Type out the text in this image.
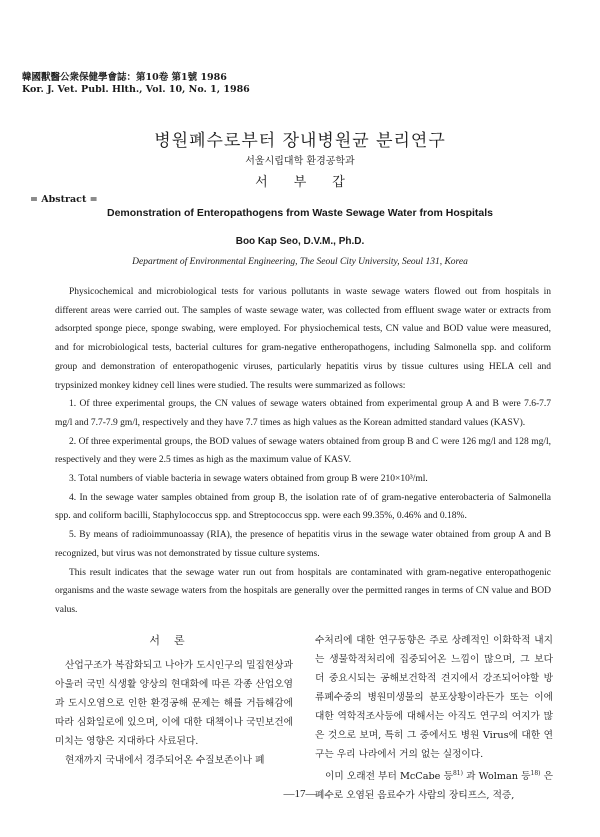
韓國獸醫公衆保健學會誌：第10卷 第1號 1986
Kor. J. Vet. Publ. Hlth., Vol. 10, No. 1, 1986
병원폐수로부터 장내병원균 분리연구
서울시립대학 환경공학과
서부갑
= Abstract =
Demonstration of Enteropathogens from Waste Sewage Water from Hospitals
Boo Kap Seo, D.V.M., Ph.D.
Department of Environmental Engineering, The Seoul City University, Seoul 131, Korea

Physicochemical and microbiological tests for various pollutants in waste sewage waters flowed out from hospitals in different areas were carried out. The samples of waste sewage water, was collected from effluent swage water or extracts from adsorpted sponge piece, sponge swabing, were employed. For physiochemical tests, CN value and BOD value were measured, and for microbiological tests, bacterial cultures for gram-negative entheropathogens, including Salmonella spp. and coliform group and demonstration of enteropathogenic viruses, particularly hepatitis virus by tissue cultures using HELA cell and trypsinized monkey kidney cell lines were studied. The results were summarized as follows:

1. Of three experimental groups, the CN values of sewage waters obtained from experimental group A and B were 7.6-7.7 mg/l and 7.7-7.9 gm/l, respectively and they have 7.7 times as high values as the Korean admitted standard values (KASV).

2. Of three experimental groups, the BOD values of sewage waters obtained from group B and C were 126 mg/l and 128 mg/l, respectively and they were 2.5 times as high as the maximum value of KASV.

3. Total numbers of viable bacteria in sewage waters obtained from group B were 210×10³/ml.

4. In the sewage water samples obtained from group B, the isolation rate of of gram-negative enterobacteria of Salmonella spp. and coliform bacilli, Staphylococcus spp. and Streptococcus spp. were each 99.35%, 0.46% and 0.18%.

5. By means of radioimmunoassay (RIA), the presence of hepatitis virus in the sewage water obtained from group A and B recognized, but virus was not demonstrated by tissue culture systems.

This result indicates that the sewage water run out from hospitals are contaminated with gram-negative enteropathogenic organisms and the waste sewage waters from the hospitals are generally over the permitted ranges in terms of CN value and BOD valus.

서론

산업구조가 복잡화되고 나아가 도시인구의 밀집현상과 아울러 국민 식생활 양상의 현대화에 따른 각종 산업오염과 도시오염으로 인한 환경공해 문제는 해를 거듭해감에 따라 심화일로에 있으며, 이에 대한 대책이나 국민보건에 미치는 영향은 지대하다 사료된다.

현재까지 국내에서 경주되어온 수질보존이나 폐

수처리에 대한 연구동향은 주로 상례적인 이화학적 내지는 생물학적처리에 집중되어온 느낌이 많으며, 그 보다 더 중요시되는 공해보건학적 견지에서 강조되어야할 방류폐수중의 병원미생물의 분포상황이라든가 또는 이에 대한 역학적조사등에 대해서는 아직도 연구의 여지가 많은 것으로 보며, 특히 그 중에서도 병원 Virus에 대한 연구는 우리 나라에서 거의 없는 실정이다.

이미 오래전 부터 McCabe 등$^{81)}$ 과 Wolman 등$^{18)}$ 은 폐수로 오염된 음료수가 사람의 장티프스, 적증,

—17—
